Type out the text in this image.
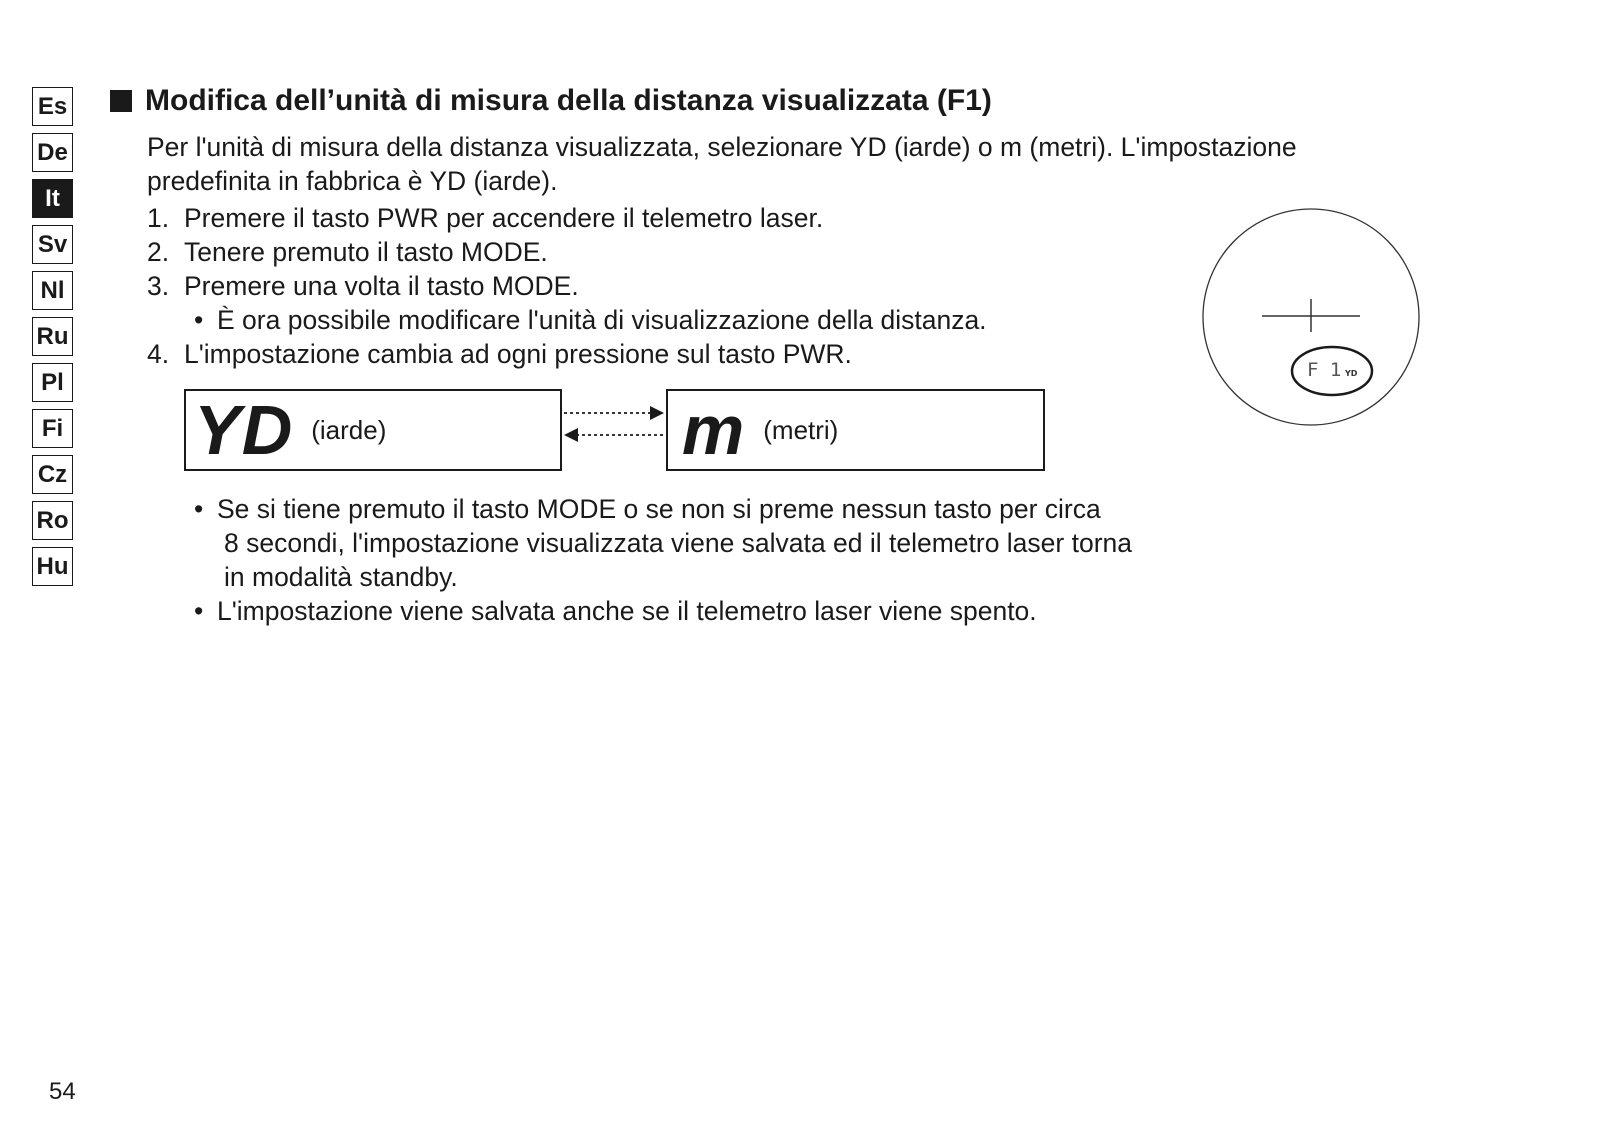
Es
De
It
Sv
Nl
Ru
Pl
Fi
Cz
Ro
Hu
Modifica dell’unità di misura della distanza visualizzata (F1)
Per l'unità di misura della distanza visualizzata, selezionare YD (iarde) o m (metri). L'impostazione
predefinita in fabbrica è YD (iarde).
1. Premere il tasto PWR per accendere il telemetro laser.
2. Tenere premuto il tasto MODE.
3. Premere una volta il tasto MODE.
• È ora possibile modificare l'unità di visualizzazione della distanza.
4. L'impostazione cambia ad ogni pressione sul tasto PWR.
YD (iarde)	m (metri)
F 1 YD
• Se si tiene premuto il tasto MODE o se non si preme nessun tasto per circa
8 secondi, l'impostazione visualizzata viene salvata ed il telemetro laser torna
in modalità standby.
• L'impostazione viene salvata anche se il telemetro laser viene spento.
54
